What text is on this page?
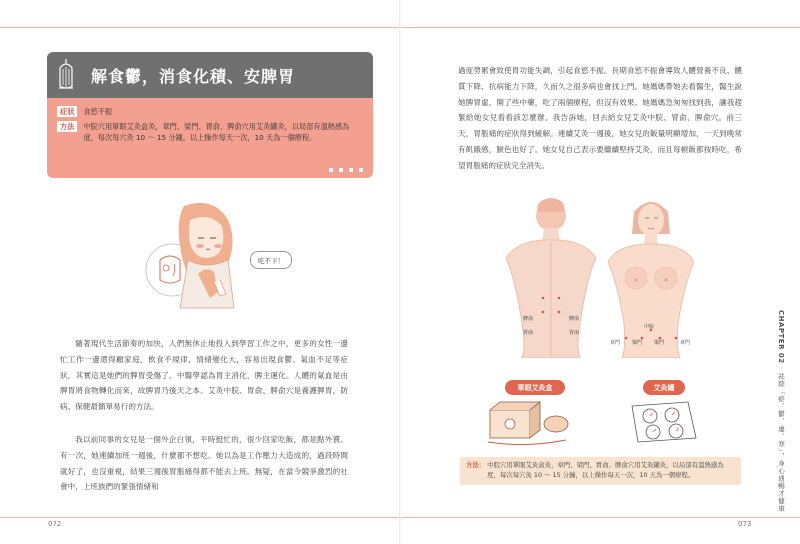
解食鬱，消食化積、安脾胃
症狀	食慾不振
方法	中脘穴用單眼艾灸盒灸，章門、梁門、胃俞、脾俞穴用艾灸罐灸，以局部有溫熱感為度，每次每穴灸 10 ～ 15 分鐘，以上操作每天一次，10 天為一個療程。
吃不下！

隨著現代生活節奏的加快，人們無休止地投入到學習工作之中，更多的女性一邊忙工作一邊還得顧家庭，飲食不規律，情緒變化大，容易出現食鬱、氣血不足等症狀，其實這是她們的脾胃受傷了。中醫學認為胃主消化，脾主運化。人體的氣血是由脾胃將食物轉化而來，故脾胃乃後天之本。艾灸中脘、胃俞、脾俞穴是養護脾胃，防病、保健最簡單易行的方法。

我以前同事的女兒是一個外企白領，平時挺忙的，很少回家吃飯，都是點外賣。有一次，她連續加班一週後，什麼都不想吃。她以為是工作壓力大造成的，過段時間就好了，也沒重視，結果三週後胃脹痛得都不能去上班。無疑，在當今競爭激烈的社會中，上班族們的緊張情緒和

過度勞累會致使胃功能失調，引起食慾不振。長期食慾不振會導致人體營養不良、體質下降、抗病能力下降，久而久之很多病也會找上門。她媽媽帶她去看醫生，醫生說她脾胃虛，開了些中藥，吃了兩個療程，但沒有效果。她媽媽急匆匆找到我，讓我趕緊給她女兒看看該怎麼辦。我告訴她，回去給女兒艾灸中脘、胃俞、脾俞穴。前三天，胃脹痛的症狀得到緩解。連續艾灸一週後，她女兒的飯量明顯增加，一天到晚常有飢餓感，臉色也好了。她女兒自己表示要繼續堅持艾灸，而且每頓飯都按時吃，希望胃脹痛的症狀完全消失。

脾俞
胃俞
脾俞
胃俞
中脘
章門 梁門 梁門	章門
單眼艾灸盒	艾灸罐
方法： 中脘穴用單眼艾灸盒灸，章門、梁門、胃俞、脾俞穴用艾灸罐灸，以局部有溫熱感為度，每次每穴灸 10 ～ 15 分鐘，以上操作每天一次，10 天為一個療程。
CHAPTER 02 祛除「瘀、鬱、虛、寒」，身心通暢才健康
072	073
